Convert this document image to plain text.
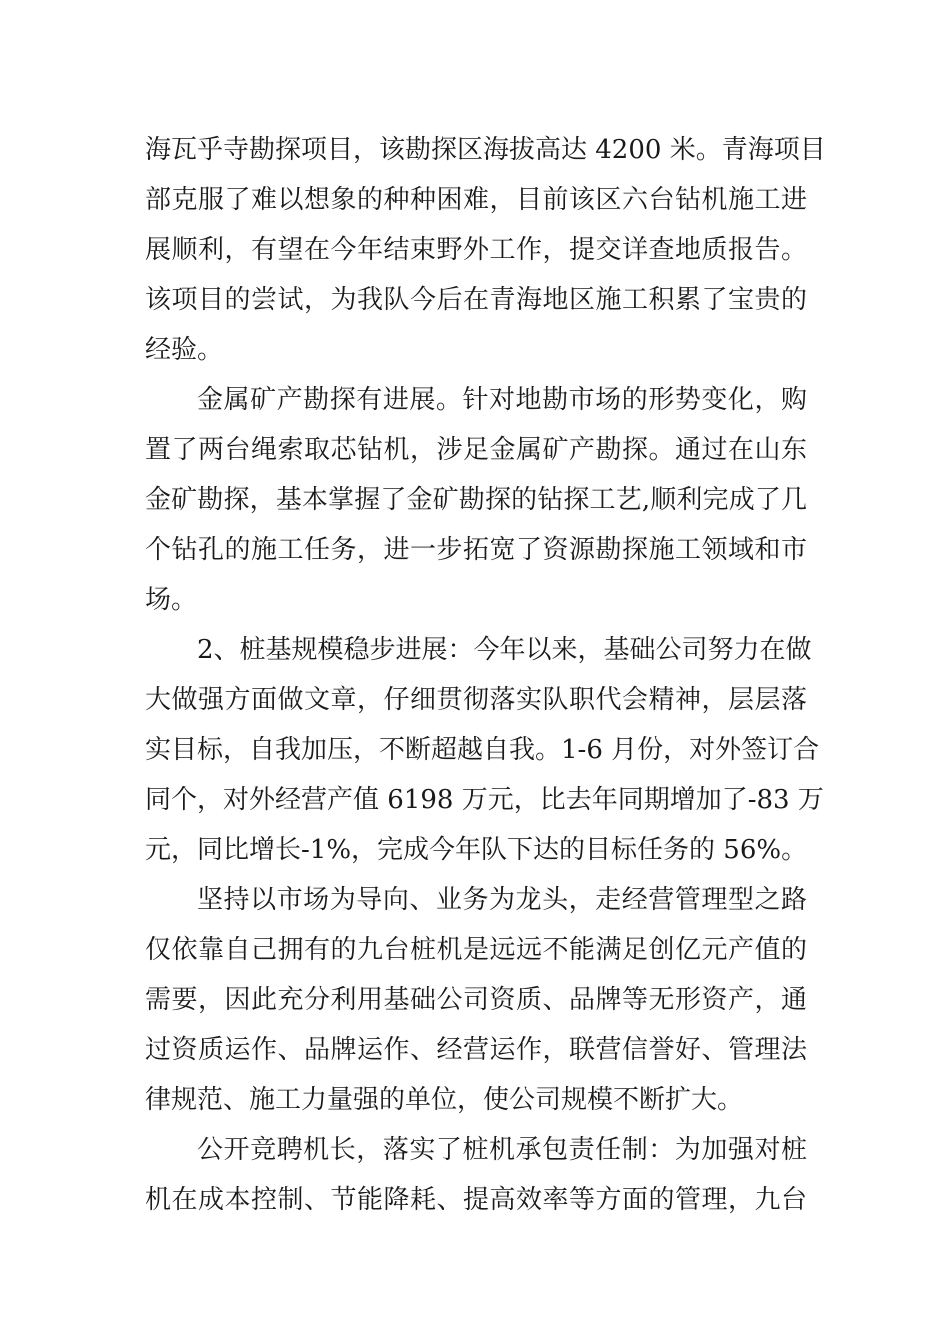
海瓦乎寺勘探项目，该勘探区海拔高达 4200 米。青海项目
部克服了难以想象的种种困难，目前该区六台钻机施工进
展顺利，有望在今年结束野外工作，提交详查地质报告。
该项目的尝试，为我队今后在青海地区施工积累了宝贵的
经验。
金属矿产勘探有进展。针对地勘市场的形势变化，购
置了两台绳索取芯钻机，涉足金属矿产勘探。通过在山东
金矿勘探，基本掌握了金矿勘探的钻探工艺,顺利完成了几
个钻孔的施工任务，进一步拓宽了资源勘探施工领域和市
场。
2、桩基规模稳步进展：今年以来，基础公司努力在做
大做强方面做文章，仔细贯彻落实队职代会精神，层层落
实目标，自我加压，不断超越自我。1-6 月份，对外签订合
同个，对外经营产值 6198 万元，比去年同期增加了-83 万
元，同比增长-1%，完成今年队下达的目标任务的 56%。
坚持以市场为导向、业务为龙头，走经营管理型之路
仅依靠自己拥有的九台桩机是远远不能满足创亿元产值的
需要，因此充分利用基础公司资质、品牌等无形资产，通
过资质运作、品牌运作、经营运作，联营信誉好、管理法
律规范、施工力量强的单位，使公司规模不断扩大。
公开竞聘机长，落实了桩机承包责任制：为加强对桩
机在成本控制、节能降耗、提高效率等方面的管理，九台
